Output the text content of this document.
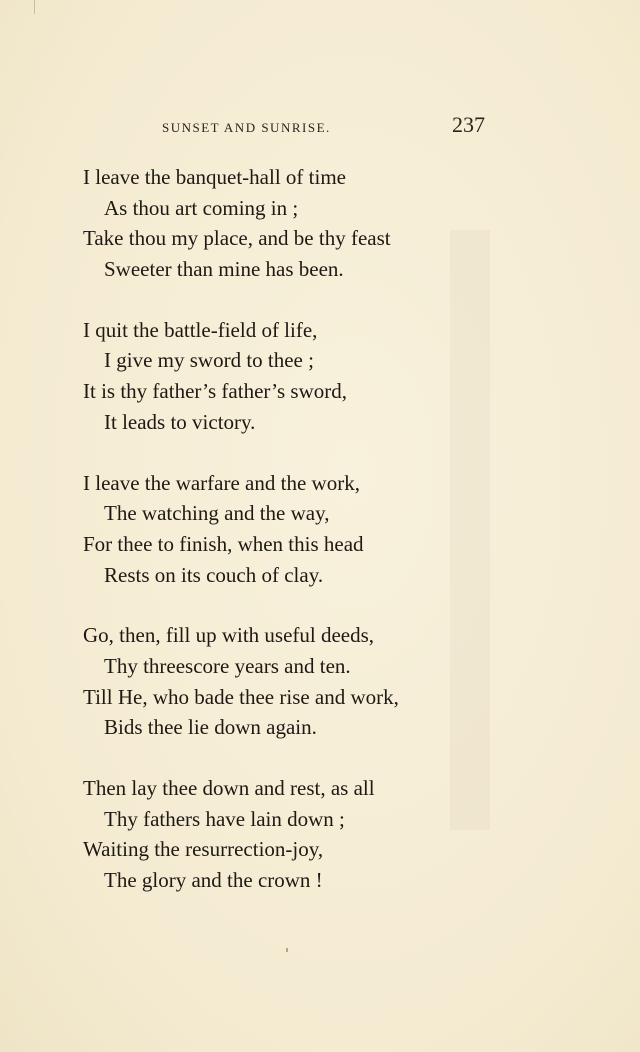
SUNSET AND SUNRISE.	237
I leave the banquet-hall of time
As thou art coming in ;
Take thou my place, and be thy feast
Sweeter than mine has been.
I quit the battle-field of life,
I give my sword to thee ;
It is thy father’s father’s sword,
It leads to victory.
I leave the warfare and the work,
The watching and the way,
For thee to finish, when this head
Rests on its couch of clay.
Go, then, fill up with useful deeds,
Thy threescore years and ten.
Till He, who bade thee rise and work,
Bids thee lie down again.
Then lay thee down and rest, as all
Thy fathers have lain down ;
Waiting the resurrection-joy,
The glory and the crown !
